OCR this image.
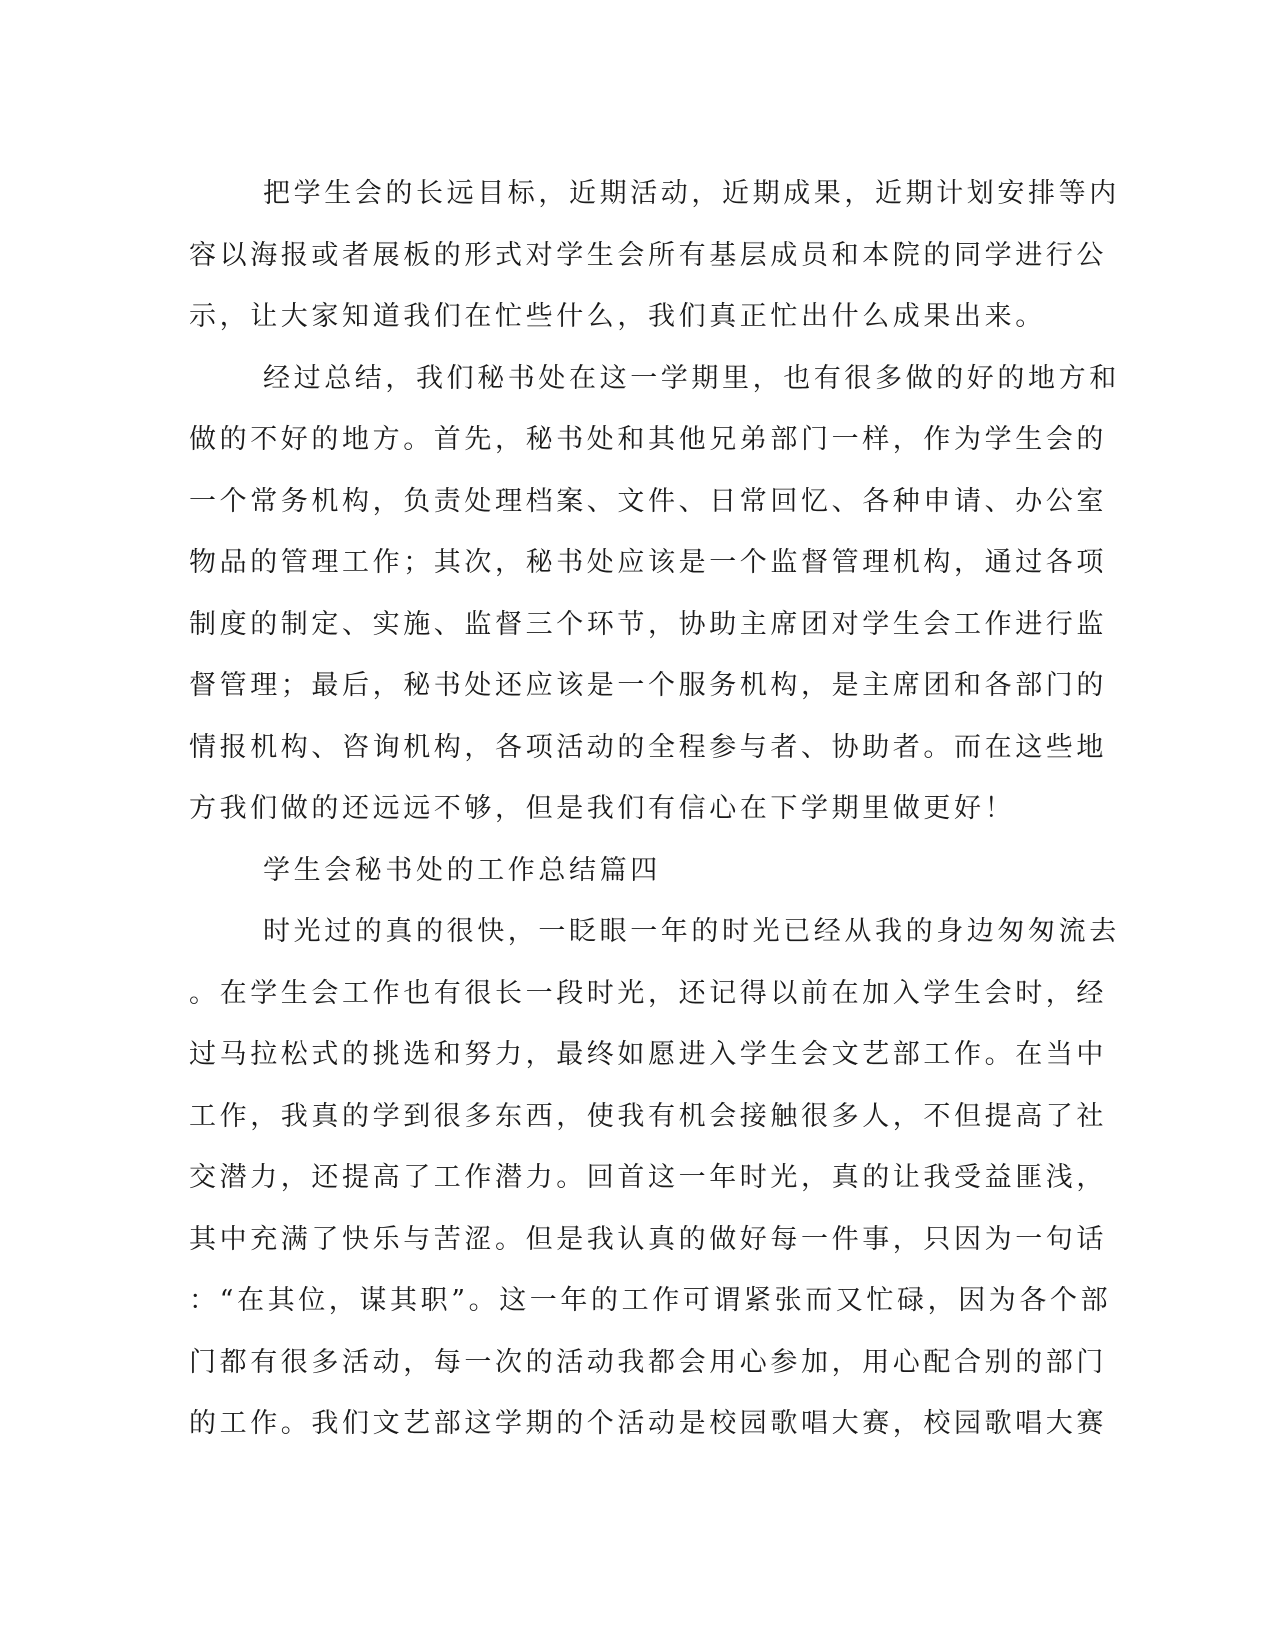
把学生会的长远目标，近期活动，近期成果，近期计划安排等内
容以海报或者展板的形式对学生会所有基层成员和本院的同学进行公
示，让大家知道我们在忙些什么，我们真正忙出什么成果出来。
经过总结，我们秘书处在这一学期里，也有很多做的好的地方和
做的不好的地方。首先，秘书处和其他兄弟部门一样，作为学生会的
一个常务机构，负责处理档案、文件、日常回忆、各种申请、办公室
物品的管理工作；其次，秘书处应该是一个监督管理机构，通过各项
制度的制定、实施、监督三个环节，协助主席团对学生会工作进行监
督管理；最后，秘书处还应该是一个服务机构，是主席团和各部门的
情报机构、咨询机构，各项活动的全程参与者、协助者。而在这些地
方我们做的还远远不够，但是我们有信心在下学期里做更好！
学生会秘书处的工作总结篇四
时光过的真的很快，一眨眼一年的时光已经从我的身边匆匆流去
。在学生会工作也有很长一段时光，还记得以前在加入学生会时，经
过马拉松式的挑选和努力，最终如愿进入学生会文艺部工作。在当中
工作，我真的学到很多东西，使我有机会接触很多人，不但提高了社
交潜力，还提高了工作潜力。回首这一年时光，真的让我受益匪浅，
其中充满了快乐与苦涩。但是我认真的做好每一件事，只因为一句话
：“在其位，谋其职”。这一年的工作可谓紧张而又忙碌，因为各个部
门都有很多活动，每一次的活动我都会用心参加，用心配合别的部门
的工作。我们文艺部这学期的个活动是校园歌唱大赛，校园歌唱大赛
